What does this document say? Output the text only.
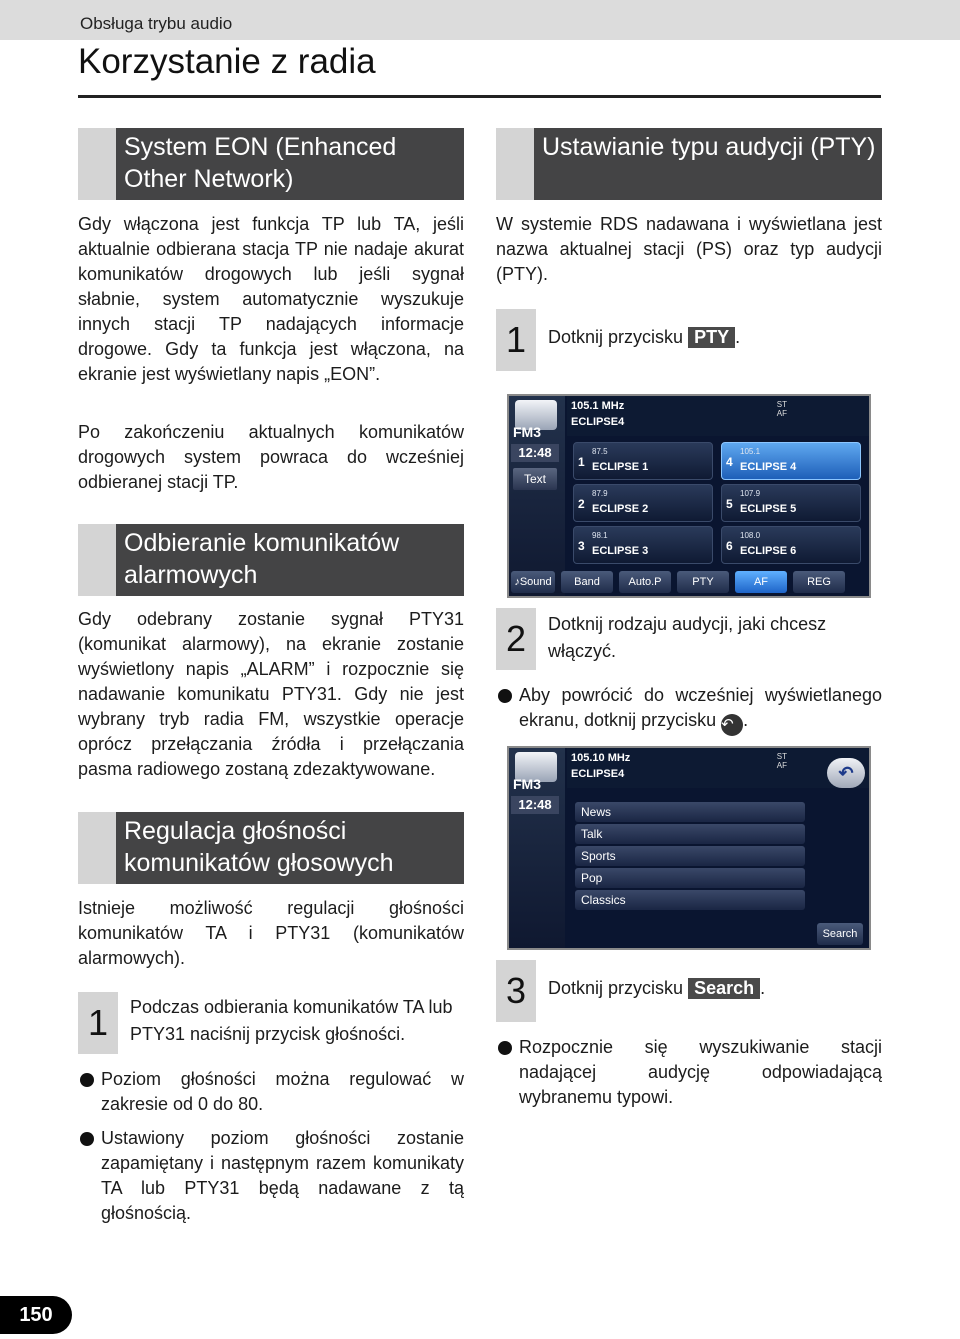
Obsługa trybu audio
Korzystanie z radia
System EON (Enhanced Other Network)
Gdy włączona jest funkcja TP lub TA, jeśli aktualnie odbierana stacja TP nie nadaje akurat komunikatów drogowych lub jeśli sygnał słabnie, system automatycznie wyszukuje innych stacji TP nadających informacje drogowe. Gdy ta funkcja jest włączona, na ekranie jest wyświetlany napis „EON”.
Po zakończeniu aktualnych komunikatów drogowych system powraca do wcześniej odbieranej stacji TP.
Odbieranie komunikatów alarmowych
Gdy odebrany zostanie sygnał PTY31 (komunikat alarmowy), na ekranie zostanie wyświetlony napis „ALARM” i rozpocznie się nadawanie komunikatu PTY31. Gdy nie jest wybrany tryb radia FM, wszystkie operacje oprócz przełączania źródła i przełączania pasma radiowego zostaną zdezaktywowane.
Regulacja głośności komunikatów głosowych
Istnieje możliwość regulacji głośności komunikatów TA i PTY31 (komunikatów alarmowych).
1	Podczas odbierania komunikatów TA lub PTY31 naciśnij przycisk głośności.
Poziom głośności można regulować w zakresie od 0 do 80.
Ustawiony poziom głośności zostanie zapamiętany i następnym razem komunikaty TA lub PTY31 będą nadawane z tą głośnością.
Ustawianie typu audycji (PTY)
W systemie RDS nadawana i wyświetlana jest nazwa aktualnej stacji (PS) oraz typ audycji (PTY).
1	Dotknij przycisku PTY .
FM3
12:48
Text
105.1 MHz
ECLIPSE4
ST
AF
1
87.5
ECLIPSE 1	4
105.1
ECLIPSE 4
2
87.9
ECLIPSE 2	5
107.9
ECLIPSE 5
3
98.1
ECLIPSE 3	6
108.0
ECLIPSE 6
♪Sound	Band	Auto.P	PTY	AF	REG
2	Dotknij rodzaju audycji, jaki chcesz włączyć.
Aby powrócić do wcześniej wyświetlanego ekranu, dotknij przycisku ↶ .
FM3
12:48
105.10 MHz
ECLIPSE4
ST
AF	↶
News
Talk
Sports
Pop
Classics
Search
3	Dotknij przycisku Search .
Rozpocznie się wyszukiwanie stacji nadającej audycję odpowiadającą wybranemu typowi.
150
